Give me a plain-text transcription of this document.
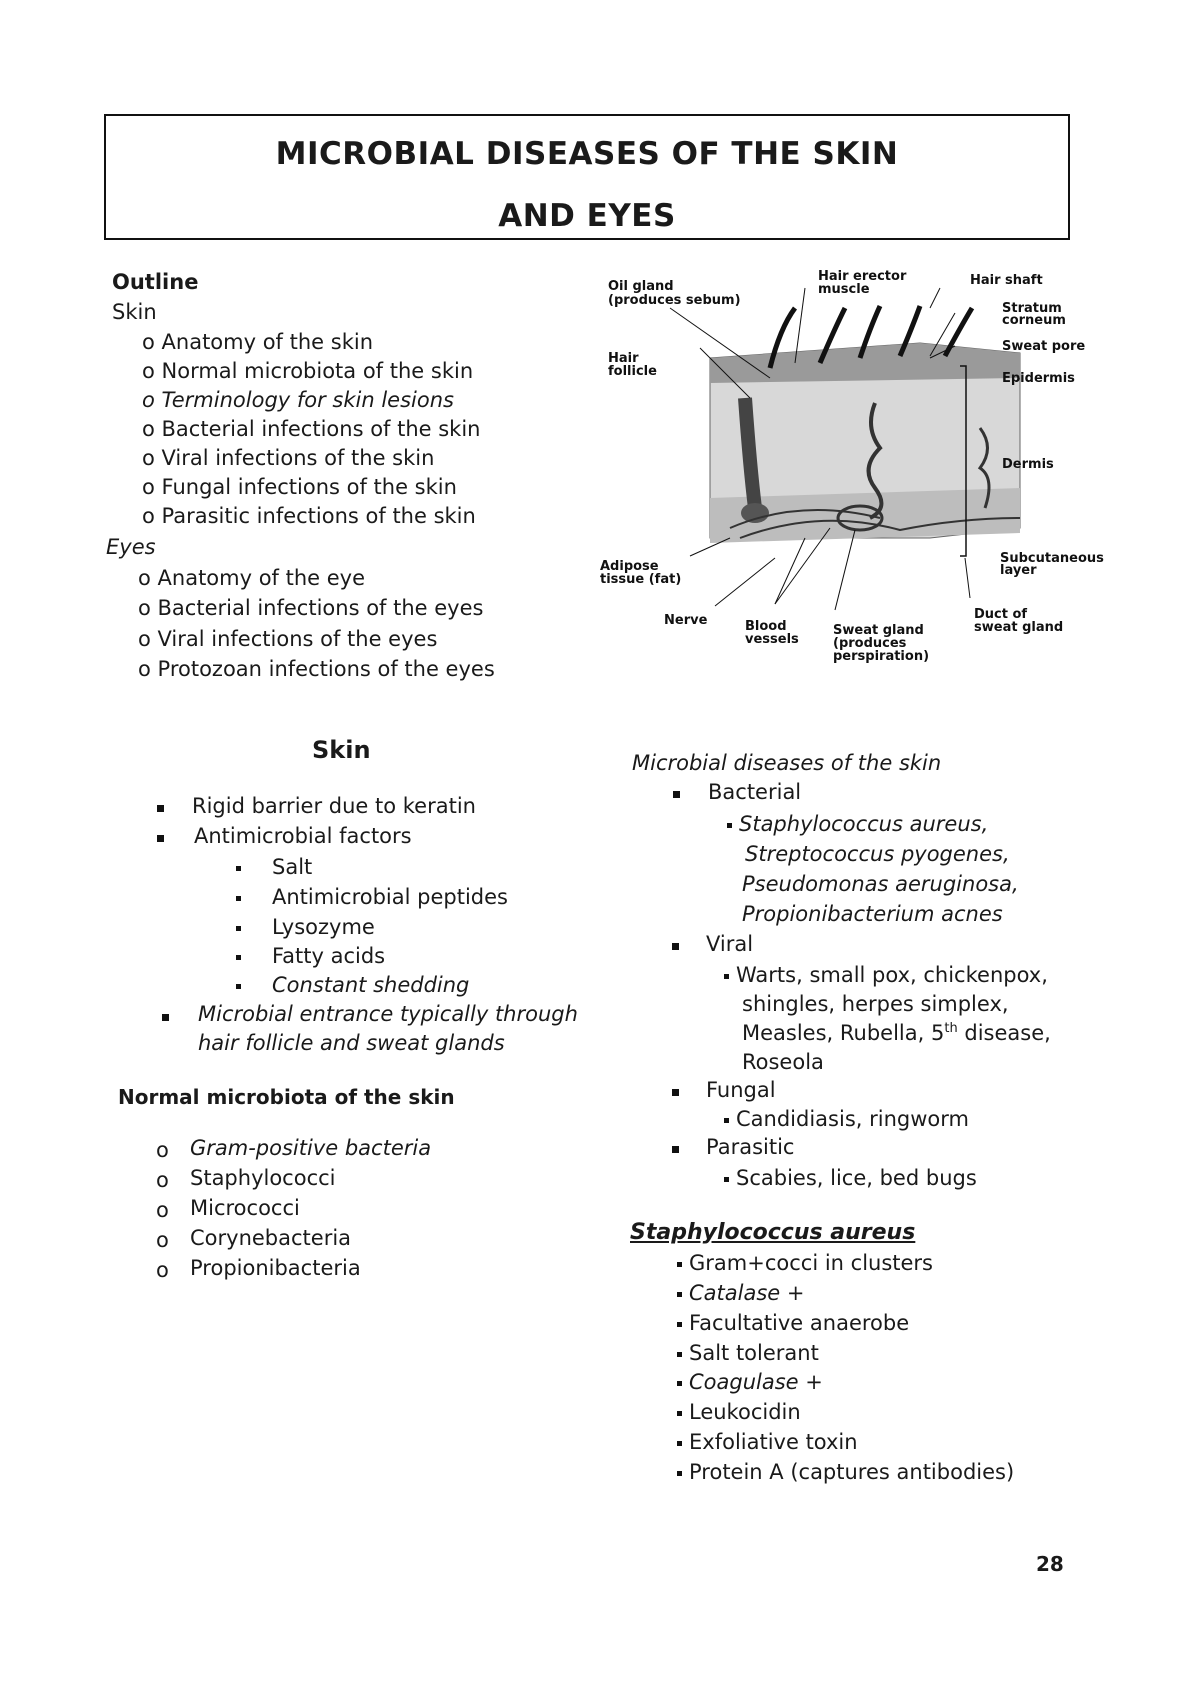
MICROBIAL DISEASES OF THE SKIN
AND EYES
Outline
Skin
o Anatomy of the skin
o Normal microbiota of the skin
o Terminology for skin lesions
o Bacterial infections of the skin
o Viral infections of the skin
o Fungal infections of the skin
o Parasitic infections of the skin
Eyes
o Anatomy of the eye
o Bacterial infections of the eyes
o Viral infections of the eyes
o Protozoan infections of the eyes
Oil gland
(produces sebum)
Hair erector
muscle
Hair shaft
Stratum
corneum
Sweat pore
Hair
follicle	Epidermis
Dermis
Subcutaneous
layer
Adipose
tissue (fat)
Nerve	Blood
vessels
Sweat gland
(produces
perspiration)
Duct of
sweat gland
Skin
Rigid barrier due to keratin
Antimicrobial factors
Salt
Antimicrobial peptides
Lysozyme
Fatty acids
Constant shedding
Microbial entrance typically through
hair follicle and sweat glands
Normal microbiota of the skin
o Gram-positive bacteria
o Staphylococci
o Micrococci
o Corynebacteria
o Propionibacteria
Microbial diseases of the skin
Bacterial
Staphylococcus aureus,
Streptococcus pyogenes,
Pseudomonas aeruginosa,
Propionibacterium acnes
Viral
Warts, small pox, chickenpox,
shingles, herpes simplex,
Measles, Rubella, 5th disease,
Roseola
Fungal
Candidiasis, ringworm
Parasitic
Scabies, lice, bed bugs
Staphylococcus aureus
Gram+cocci in clusters
Catalase +
Facultative anaerobe
Salt tolerant
Coagulase +
Leukocidin
Exfoliative toxin
Protein A (captures antibodies)
28
